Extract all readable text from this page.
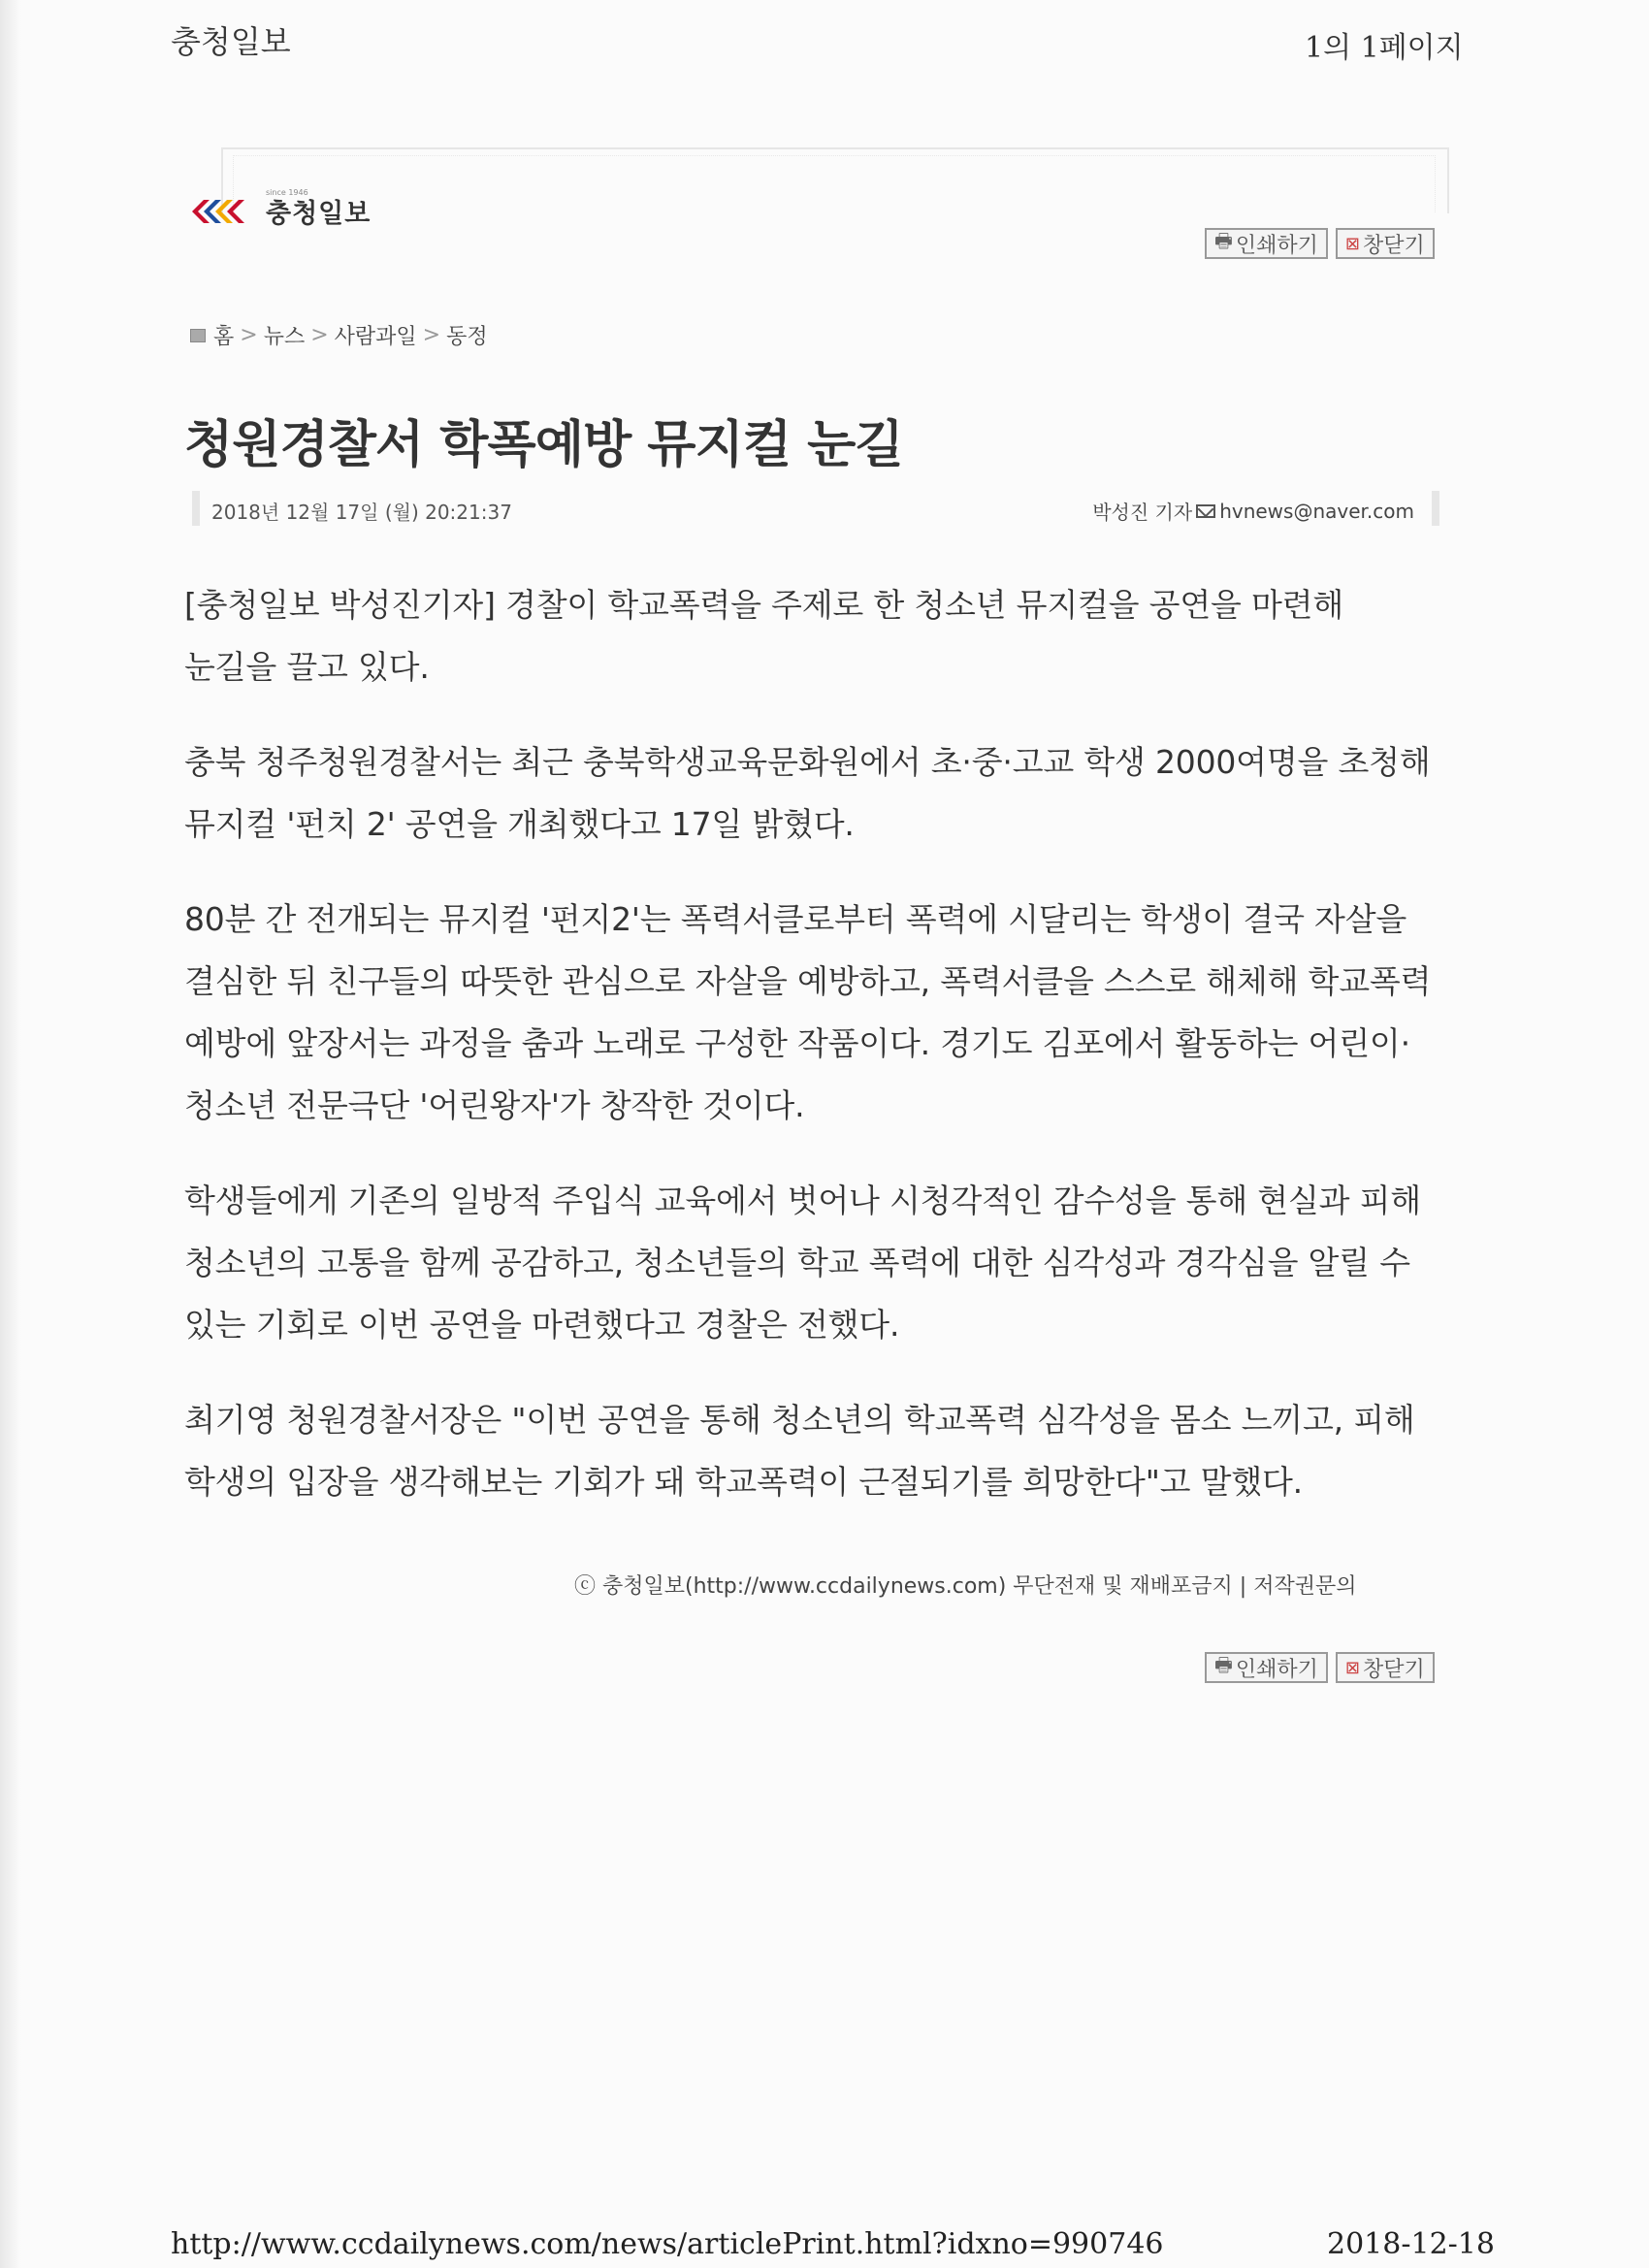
충청일보	1의 1페이지
since 1946
충청일보
🖶 인쇄하기 ⊠ 창닫기
홈 > 뉴스 > 사람과일 > 동정
청원경찰서 학폭예방 뮤지컬 눈길
2018년 12월 17일 (월) 20:21:37	박성진 기자 hvnews@naver.com

[충청일보 박성진기자] 경찰이 학교폭력을 주제로 한 청소년 뮤지컬을 공연을 마련해 눈길을 끌고 있다.

충북 청주청원경찰서는 최근 충북학생교육문화원에서 초·중·고교 학생 2000여명을 초청해 뮤지컬 '펀치 2' 공연을 개최했다고 17일 밝혔다.

80분 간 전개되는 뮤지컬 '펀지2'는 폭력서클로부터 폭력에 시달리는 학생이 결국 자살을 결심한 뒤 친구들의 따뜻한 관심으로 자살을 예방하고, 폭력서클을 스스로 해체해 학교폭력 예방에 앞장서는 과정을 춤과 노래로 구성한 작품이다. 경기도 김포에서 활동하는 어린이·청소년 전문극단 '어린왕자'가 창작한 것이다.

학생들에게 기존의 일방적 주입식 교육에서 벗어나 시청각적인 감수성을 통해 현실과 피해 청소년의 고통을 함께 공감하고, 청소년들의 학교 폭력에 대한 심각성과 경각심을 알릴 수 있는 기회로 이번 공연을 마련했다고 경찰은 전했다.

최기영 청원경찰서장은 "이번 공연을 통해 청소년의 학교폭력 심각성을 몸소 느끼고, 피해 학생의 입장을 생각해보는 기회가 돼 학교폭력이 근절되기를 희망한다"고 말했다.

ⓒ 충청일보(http://www.ccdailynews.com) 무단전재 및 재배포금지 | 저작권문의
🖶 인쇄하기 ⊠ 창닫기
http://www.ccdailynews.com/news/articlePrint.html?idxno=990746	2018-12-18
